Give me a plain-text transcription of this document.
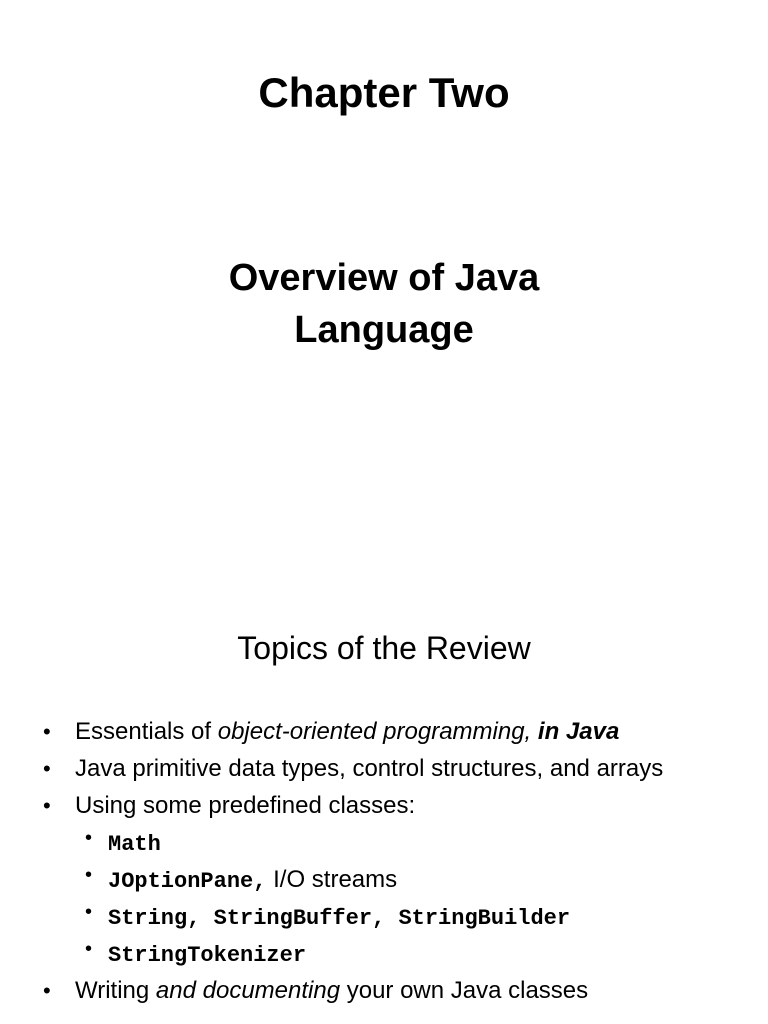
Chapter Two
Overview of Java
Language
Topics of the Review
• Essentials of object-oriented programming, in Java
• Java primitive data types, control structures, and arrays
• Using some predefined classes:
• Math
• JOptionPane, I/O streams
• String, StringBuffer, StringBuilder
• StringTokenizer
• Writing and documenting your own Java classes
